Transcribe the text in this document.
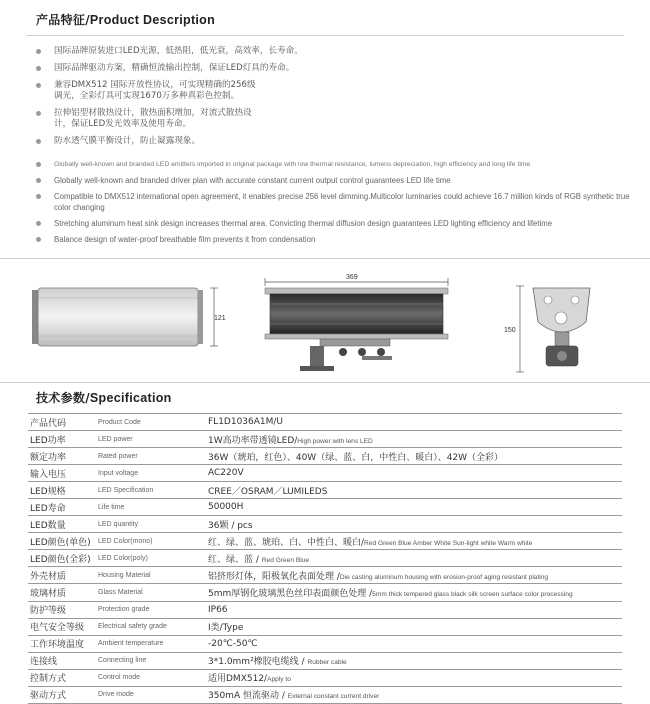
产品特征/Product Description
国际品牌原装进口LED光源，低热阻，低光衰，高效率，长寿命。
国际品牌驱动方案，精确恒流输出控制，保证LED灯具的寿命。
兼容DMX512 国际开放性协议，可实现精确的256级
调光，全彩灯具可实现1670万多种真彩色控制。
拉伸铝型材散热设计，散热面积增加，对流式散热设
计，保证LED发光效率及使用寿命。
防水透气膜平衡设计，防止凝露现象。
Globally well-known and branded LED emitters imported in original package with low thermal resistance, lumens depreciation, high efficiency and long life time
Globally well-known and branded driver plan with accurate constant current output control guarantees LED life time
Compatible to DMX512 international open agreement, it enables precise 256 level dimming.Multicolor luminaries could achieve 16.7 million kinds of RGB synthetic true color changing
Stretching aluminum heat sink design increases thermal area. Convicting thermal diffusion design guarantees LED lighting efficiency and lifetime
Balance design of water-proof breathable film prevents it from condensation
121
369
150
技术参数/Specification
产品代码	Product Code	FL1D1036A1M/U
LED功率	LED power	1W高功率带透镜LED/High power with lens LED
额定功率	Rated power	36W（琥珀，红色）、40W（绿、蓝、白，中性白、暖白）、42W（全彩）
输入电压	Input voltage	AC220V
LED规格	LED Specification	CREE／OSRAM／LUMILEDS
LED寿命	Life time	50000H
LED数量	LED quantity	36颗 / pcs
LED颜色(单色)	LED Color(mono)	红、绿、蓝、琥珀、白、中性白、暖白/Red Green Blue Amber White Sun-light white Warm white
LED颜色(全彩)	LED Color(poly)	红、绿、蓝 / Red Green Blue
外壳材质	Housing Material	铝挤形灯体，阳极氧化表面处理 /Die casting aluminum housing with erosion-proof aging resistant plating
玻璃材质	Glass Material	5mm厚钢化玻璃黑色丝印表面颜色处理 /5mm thick tempered glass black silk screen surface color processing
防护等级	Protection grade	IP66
电气安全等级	Electrical safety grade	Ⅰ类/Type
工作环境温度	Ambient temperature	-20℃-50℃
连接线	Connecting line	3*1.0mm²橡胶电缆线 / Rubber cable
控制方式	Control mode	适用DMX512/Apply to
驱动方式	Drive mode	350mA 恒流驱动 / External constant current driver
